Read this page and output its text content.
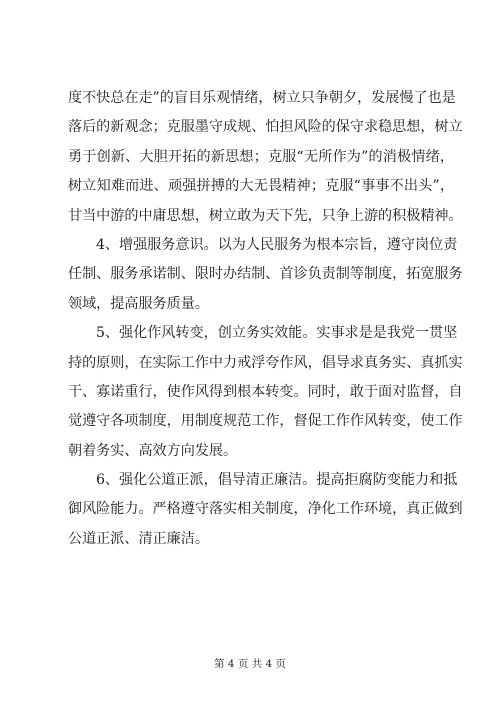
度不快总在走”的盲目乐观情绪，树立只争朝夕，发展慢了也是
落后的新观念；克服墨守成规、怕担风险的保守求稳思想，树立
勇于创新、大胆开拓的新思想；克服“无所作为”的消极情绪，
树立知难而进、顽强拼搏的大无畏精神；克服“事事不出头”，
甘当中游的中庸思想，树立敢为天下先，只争上游的积极精神。
4、增强服务意识。以为人民服务为根本宗旨，遵守岗位责
任制、服务承诺制、限时办结制、首诊负责制等制度，拓宽服务
领域，提高服务质量。
5、强化作风转变，创立务实效能。实事求是是我党一贯坚
持的原则，在实际工作中力戒浮夸作风，倡导求真务实、真抓实
干、寡诺重行，使作风得到根本转变。同时，敢于面对监督，自
觉遵守各项制度，用制度规范工作，督促工作作风转变，使工作
朝着务实、高效方向发展。
6、强化公道正派，倡导清正廉洁。提高拒腐防变能力和抵
御风险能力。严格遵守落实相关制度，净化工作环境，真正做到
公道正派、清正廉洁。
第 4 页 共 4 页
